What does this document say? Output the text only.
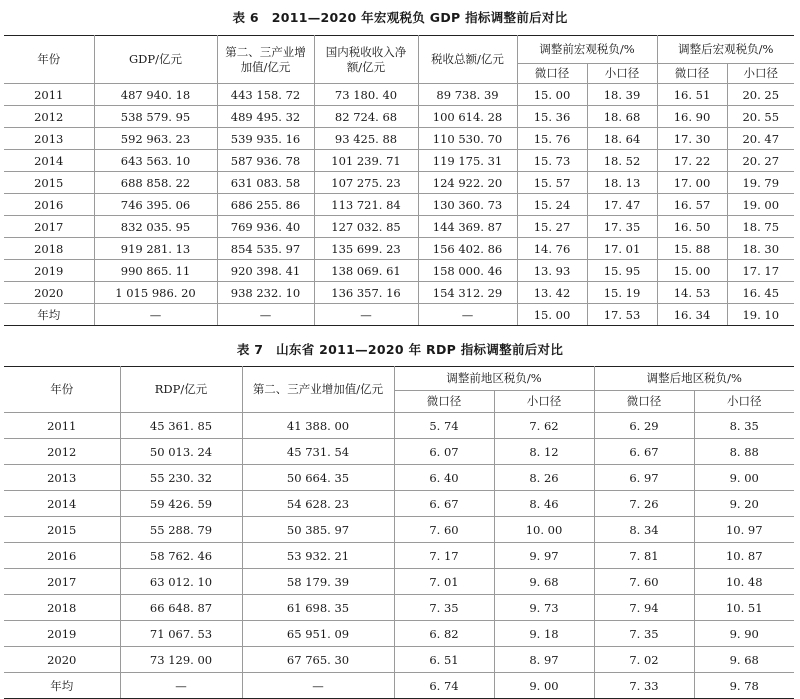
表 6　2011—2020 年宏观税负 GDP 指标调整前后对比
年份	GDP/亿元	第二、三产业增加值/亿元	国内税收收入净额/亿元	税收总额/亿元	调整前宏观税负/%		调整后宏观税负/%	
					微口径	小口径	微口径	小口径
2011	487 940. 18	443 158. 72	73 180. 40	89 738. 39	15. 00	18. 39	16. 51	20. 25
2012	538 579. 95	489 495. 32	82 724. 68	100 614. 28	15. 36	18. 68	16. 90	20. 55
2013	592 963. 23	539 935. 16	93 425. 88	110 530. 70	15. 76	18. 64	17. 30	20. 47
2014	643 563. 10	587 936. 78	101 239. 71	119 175. 31	15. 73	18. 52	17. 22	20. 27
2015	688 858. 22	631 083. 58	107 275. 23	124 922. 20	15. 57	18. 13	17. 00	19. 79
2016	746 395. 06	686 255. 86	113 721. 84	130 360. 73	15. 24	17. 47	16. 57	19. 00
2017	832 035. 95	769 936. 40	127 032. 85	144 369. 87	15. 27	17. 35	16. 50	18. 75
2018	919 281. 13	854 535. 97	135 699. 23	156 402. 86	14. 76	17. 01	15. 88	18. 30
2019	990 865. 11	920 398. 41	138 069. 61	158 000. 46	13. 93	15. 95	15. 00	17. 17
2020	1 015 986. 20	938 232. 10	136 357. 16	154 312. 29	13. 42	15. 19	14. 53	16. 45
年均	—	—	—	—	15. 00	17. 53	16. 34	19. 10
表 7　山东省 2011—2020 年 RDP 指标调整前后对比
年份	RDP/亿元	第二、三产业增加值/亿元	调整前地区税负/%		调整后地区税负/%	
			微口径	小口径	微口径	小口径
2011	45 361. 85	41 388. 00	5. 74	7. 62	6. 29	8. 35
2012	50 013. 24	45 731. 54	6. 07	8. 12	6. 67	8. 88
2013	55 230. 32	50 664. 35	6. 40	8. 26	6. 97	9. 00
2014	59 426. 59	54 628. 23	6. 67	8. 46	7. 26	9. 20
2015	55 288. 79	50 385. 97	7. 60	10. 00	8. 34	10. 97
2016	58 762. 46	53 932. 21	7. 17	9. 97	7. 81	10. 87
2017	63 012. 10	58 179. 39	7. 01	9. 68	7. 60	10. 48
2018	66 648. 87	61 698. 35	7. 35	9. 73	7. 94	10. 51
2019	71 067. 53	65 951. 09	6. 82	9. 18	7. 35	9. 90
2020	73 129. 00	67 765. 30	6. 51	8. 97	7. 02	9. 68
年均	—	—	6. 74	9. 00	7. 33	9. 78
